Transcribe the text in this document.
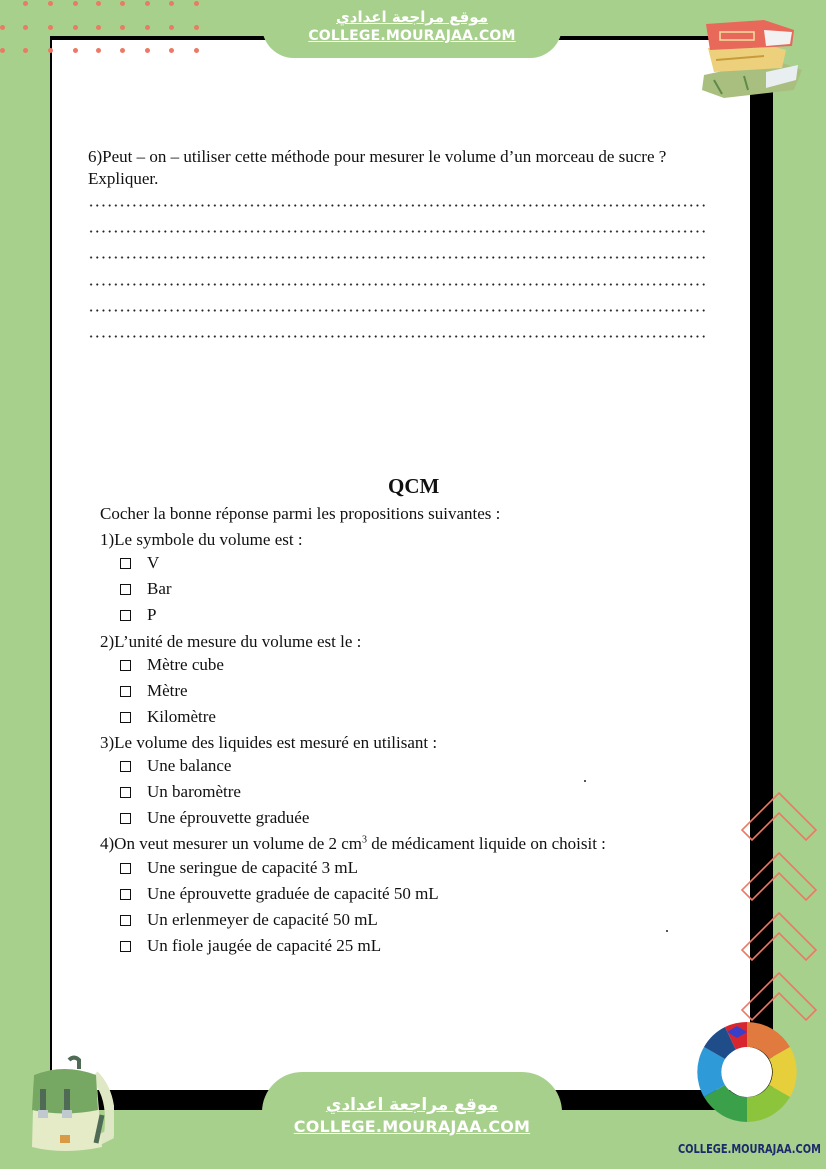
موقع مراجعة اعدادي
COLLEGE.MOURAJAA.COM
6)Peut – on – utiliser cette méthode pour mesurer le volume d’un morceau de sucre ?
Expliquer.
QCM
Cocher la bonne réponse parmi les propositions suivantes :
1)Le symbole du volume est :
V
Bar
P
2)L’unité de mesure du volume est le :
Mètre cube
Mètre
Kilomètre
3)Le volume des liquides est mesuré en utilisant :
Une balance
Un baromètre
Une éprouvette graduée
4)On veut mesurer un volume de 2 $cm^3$ de médicament liquide on choisit :
Une seringue de capacité 3 mL
Une éprouvette graduée de capacité 50 mL
Un erlenmeyer de capacité 50 mL
Un fiole jaugée de capacité 25 mL
COLLEGE.MOURAJAA.COM
موقع مراجعة اعدادي
COLLEGE.MOURAJAA.COM
